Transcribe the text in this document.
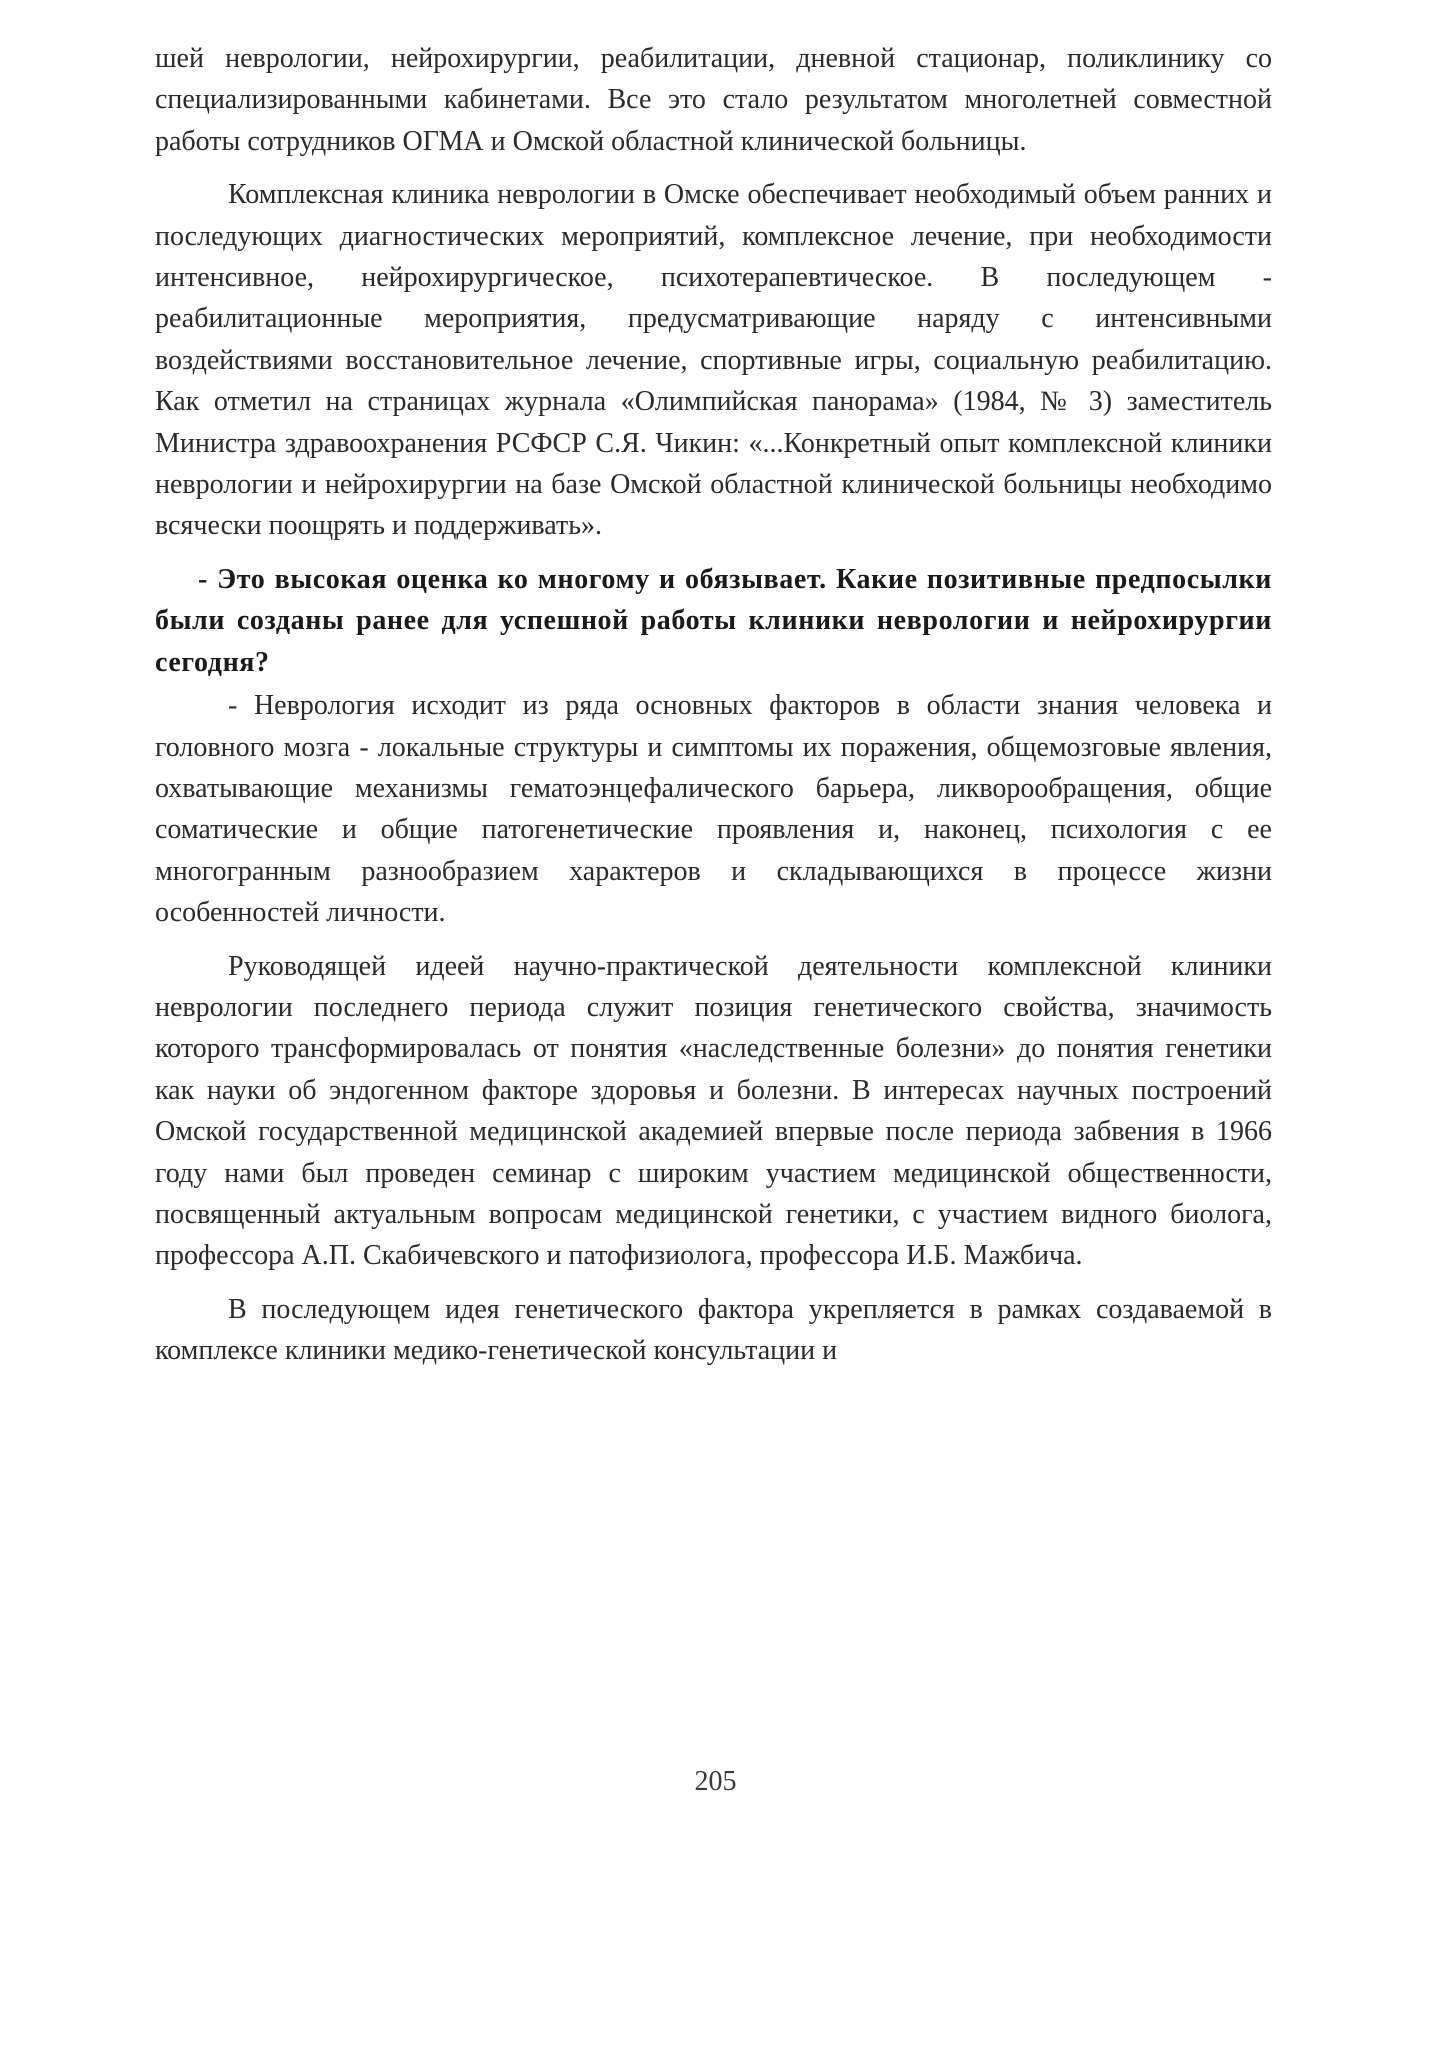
шей неврологии, нейрохирургии, реабилитации, дневной стационар, поликлинику со специализированными кабинетами. Все это стало результатом многолетней совместной работы сотрудников ОГМА и Омской областной клинической больницы.

Комплексная клиника неврологии в Омске обеспечивает необходимый объем ранних и последующих диагностических мероприятий, комплексное лечение, при необходимости интенсивное, нейрохирургическое, психотерапевтическое. В последующем - реабилитационные мероприятия, предусматривающие наряду с интенсивными воздействиями восстановительное лечение, спортивные игры, социальную реабилитацию. Как отметил на страницах журнала «Олимпийская панорама» (1984, № 3) заместитель Министра здравоохранения РСФСР С.Я. Чикин: «...Конкретный опыт комплексной клиники неврологии и нейрохирургии на базе Омской областной клинической больницы необходимо всячески поощрять и поддерживать».

- Это высокая оценка ко многому и обязывает. Какие позитивные предпосылки были созданы ранее для успешной работы клиники неврологии и нейрохирургии сегодня?

- Неврология исходит из ряда основных факторов в области знания человека и головного мозга - локальные структуры и симптомы их поражения, общемозговые явления, охватывающие механизмы гематоэнцефалического барьера, ликворообращения, общие соматические и общие патогенетические проявления и, наконец, психология с ее многогранным разнообразием характеров и складывающихся в процессе жизни особенностей личности.

Руководящей идеей научно-практической деятельности комплексной клиники неврологии последнего периода служит позиция генетического свойства, значимость которого трансформировалась от понятия «наследственные болезни» до понятия генетики как науки об эндогенном факторе здоровья и болезни. В интересах научных построений Омской государственной медицинской академией впервые после периода забвения в 1966 году нами был проведен семинар с широким участием медицинской общественности, посвященный актуальным вопросам медицинской генетики, с участием видного биолога, профессора А.П. Скабичевского и патофизиолога, профессора И.Б. Мажбича.

В последующем идея генетического фактора укрепляется в рамках создаваемой в комплексе клиники медико-генетической консультации и

205
